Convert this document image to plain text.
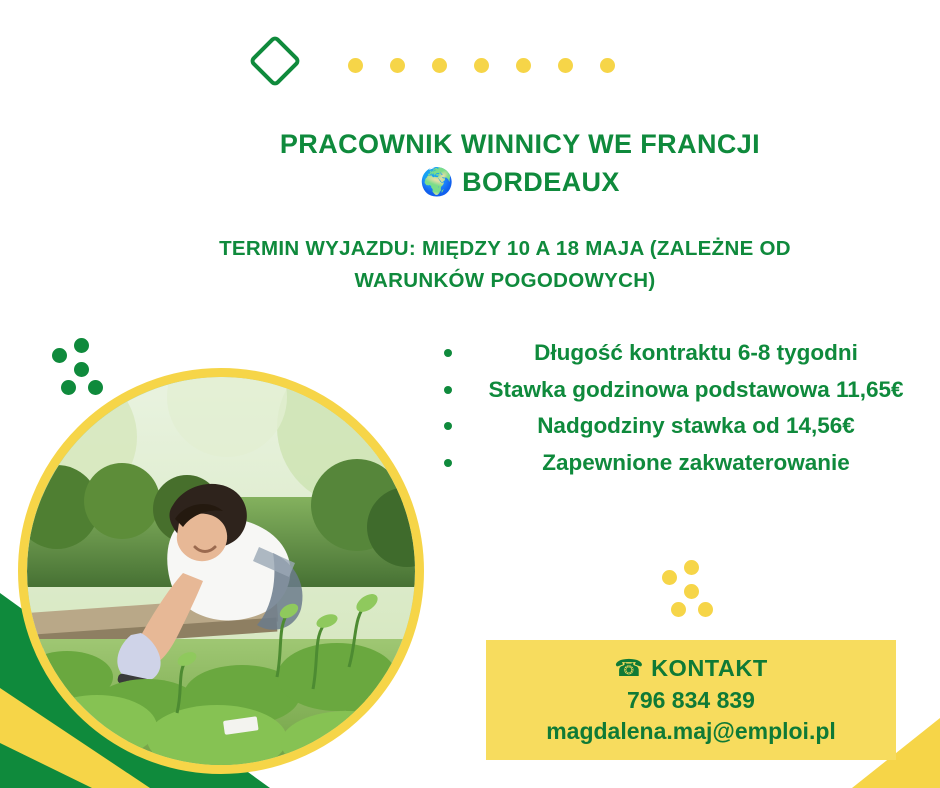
PRACOWNIK WINNICY WE FRANCJI
🌍 BORDEAUX
TERMIN WYJAZDU: MIĘDZY 10 A 18 MAJA (ZALEŻNE OD
WARUNKÓW POGODOWYCH)
Długość kontraktu 6-8 tygodni
Stawka godzinowa podstawowa 11,65€
Nadgodziny stawka od 14,56€
Zapewnione zakwaterowanie
☎ KONTAKT
796 834 839
magdalena.maj@emploi.pl
